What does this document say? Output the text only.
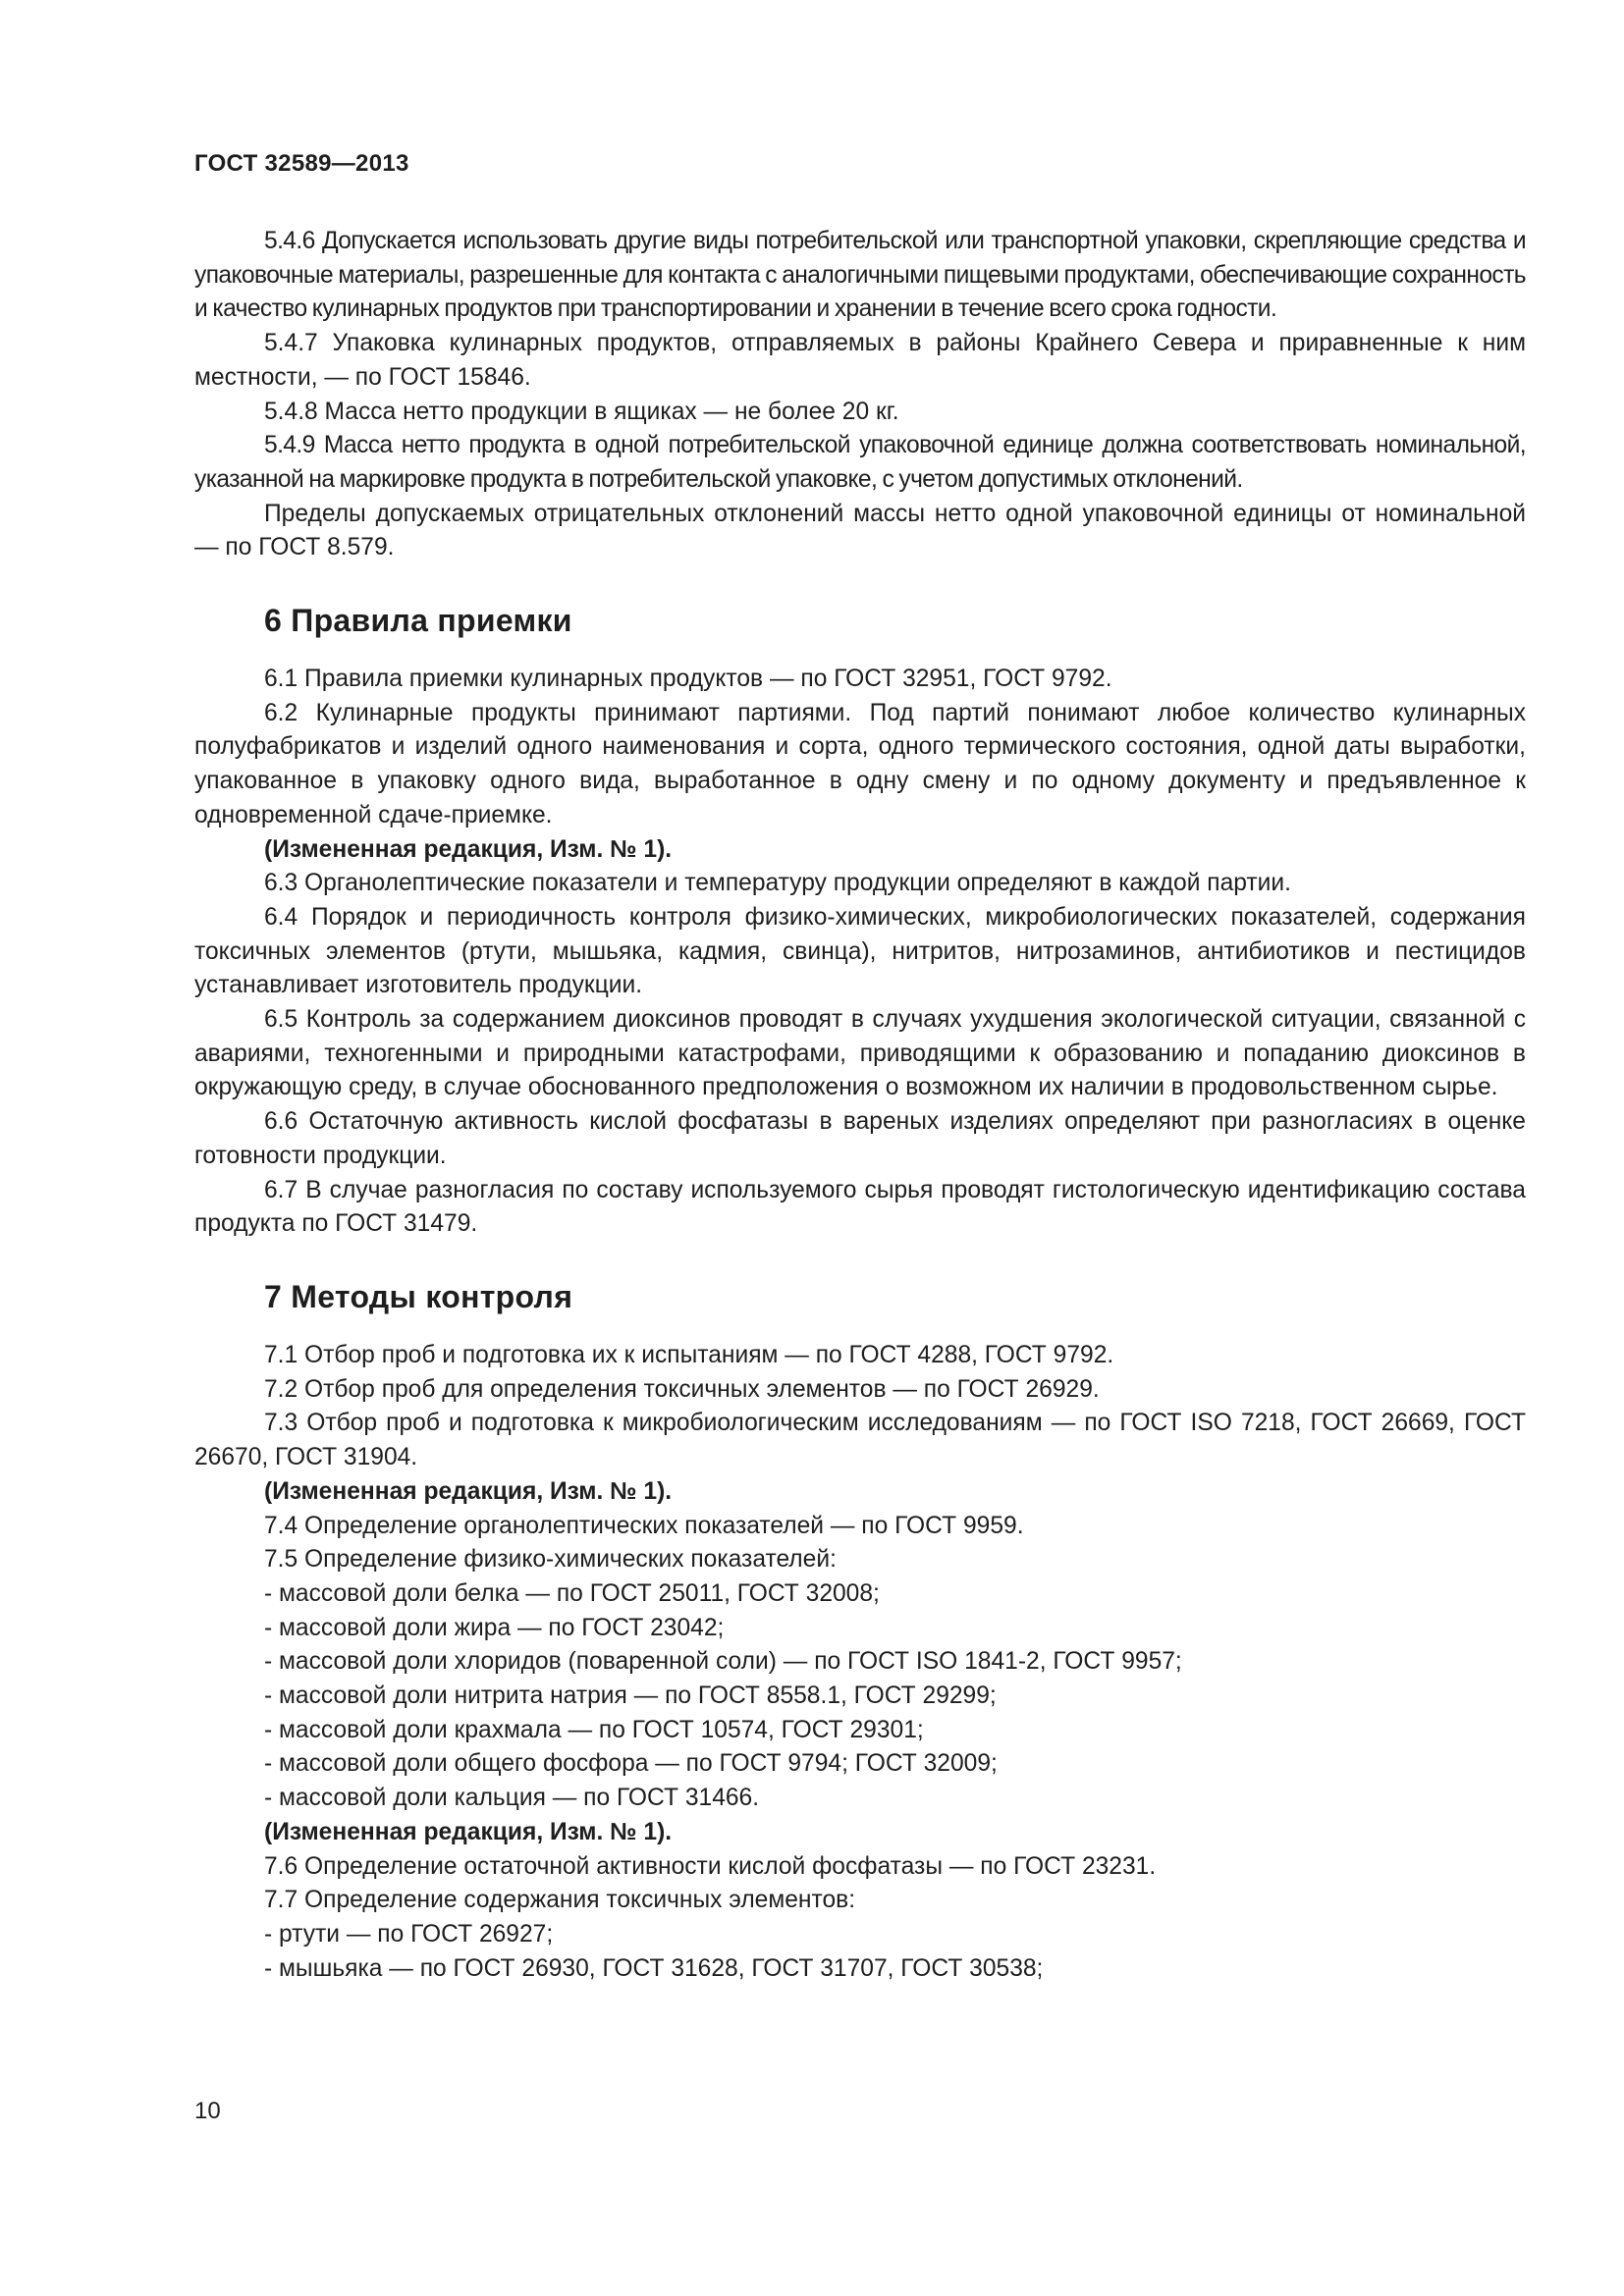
ГОСТ 32589—2013

5.4.6 Допускается использовать другие виды потребительской или транспортной упаковки, скрепляющие средства и упаковочные материалы, разрешенные для контакта с аналогичными пищевыми продуктами, обеспечивающие сохранность и качество кулинарных продуктов при транспортировании и хранении в течение всего срока годности.

5.4.7 Упаковка кулинарных продуктов, отправляемых в районы Крайнего Севера и приравненные к ним местности, — по ГОСТ 15846.

5.4.8 Масса нетто продукции в ящиках — не более 20 кг.

5.4.9 Масса нетто продукта в одной потребительской упаковочной единице должна соответствовать номинальной, указанной на маркировке продукта в потребительской упаковке, с учетом допустимых отклонений.

Пределы допускаемых отрицательных отклонений массы нетто одной упаковочной единицы от номинальной — по ГОСТ 8.579.

6 Правила приемки

6.1 Правила приемки кулинарных продуктов — по ГОСТ 32951, ГОСТ 9792.

6.2 Кулинарные продукты принимают партиями. Под партий понимают любое количество кулинарных полуфабрикатов и изделий одного наименования и сорта, одного термического состояния, одной даты выработки, упакованное в упаковку одного вида, выработанное в одну смену и по одному документу и предъявленное к одновременной сдаче-приемке.

(Измененная редакция, Изм. № 1).

6.3 Органолептические показатели и температуру продукции определяют в каждой партии.

6.4 Порядок и периодичность контроля физико-химических, микробиологических показателей, содержания токсичных элементов (ртути, мышьяка, кадмия, свинца), нитритов, нитрозаминов, антибиотиков и пестицидов устанавливает изготовитель продукции.

6.5 Контроль за содержанием диоксинов проводят в случаях ухудшения экологической ситуации, связанной с авариями, техногенными и природными катастрофами, приводящими к образованию и попаданию диоксинов в окружающую среду, в случае обоснованного предположения о возможном их наличии в продовольственном сырье.

6.6 Остаточную активность кислой фосфатазы в вареных изделиях определяют при разногласиях в оценке готовности продукции.

6.7 В случае разногласия по составу используемого сырья проводят гистологическую идентификацию состава продукта по ГОСТ 31479.

7 Методы контроля

7.1 Отбор проб и подготовка их к испытаниям — по ГОСТ 4288, ГОСТ 9792.

7.2 Отбор проб для определения токсичных элементов — по ГОСТ 26929.

7.3 Отбор проб и подготовка к микробиологическим исследованиям — по ГОСТ ISO 7218, ГОСТ 26669, ГОСТ 26670, ГОСТ 31904.

(Измененная редакция, Изм. № 1).

7.4 Определение органолептических показателей — по ГОСТ 9959.

7.5 Определение физико-химических показателей:

- массовой доли белка — по ГОСТ 25011, ГОСТ 32008;

- массовой доли жира — по ГОСТ 23042;

- массовой доли хлоридов (поваренной соли) — по ГОСТ ISO 1841-2, ГОСТ 9957;

- массовой доли нитрита натрия — по ГОСТ 8558.1, ГОСТ 29299;

- массовой доли крахмала — по ГОСТ 10574, ГОСТ 29301;

- массовой доли общего фосфора — по ГОСТ 9794; ГОСТ 32009;

- массовой доли кальция — по ГОСТ 31466.

(Измененная редакция, Изм. № 1).

7.6 Определение остаточной активности кислой фосфатазы — по ГОСТ 23231.

7.7 Определение содержания токсичных элементов:

- ртути — по ГОСТ 26927;

- мышьяка — по ГОСТ 26930, ГОСТ 31628, ГОСТ 31707, ГОСТ 30538;

10
